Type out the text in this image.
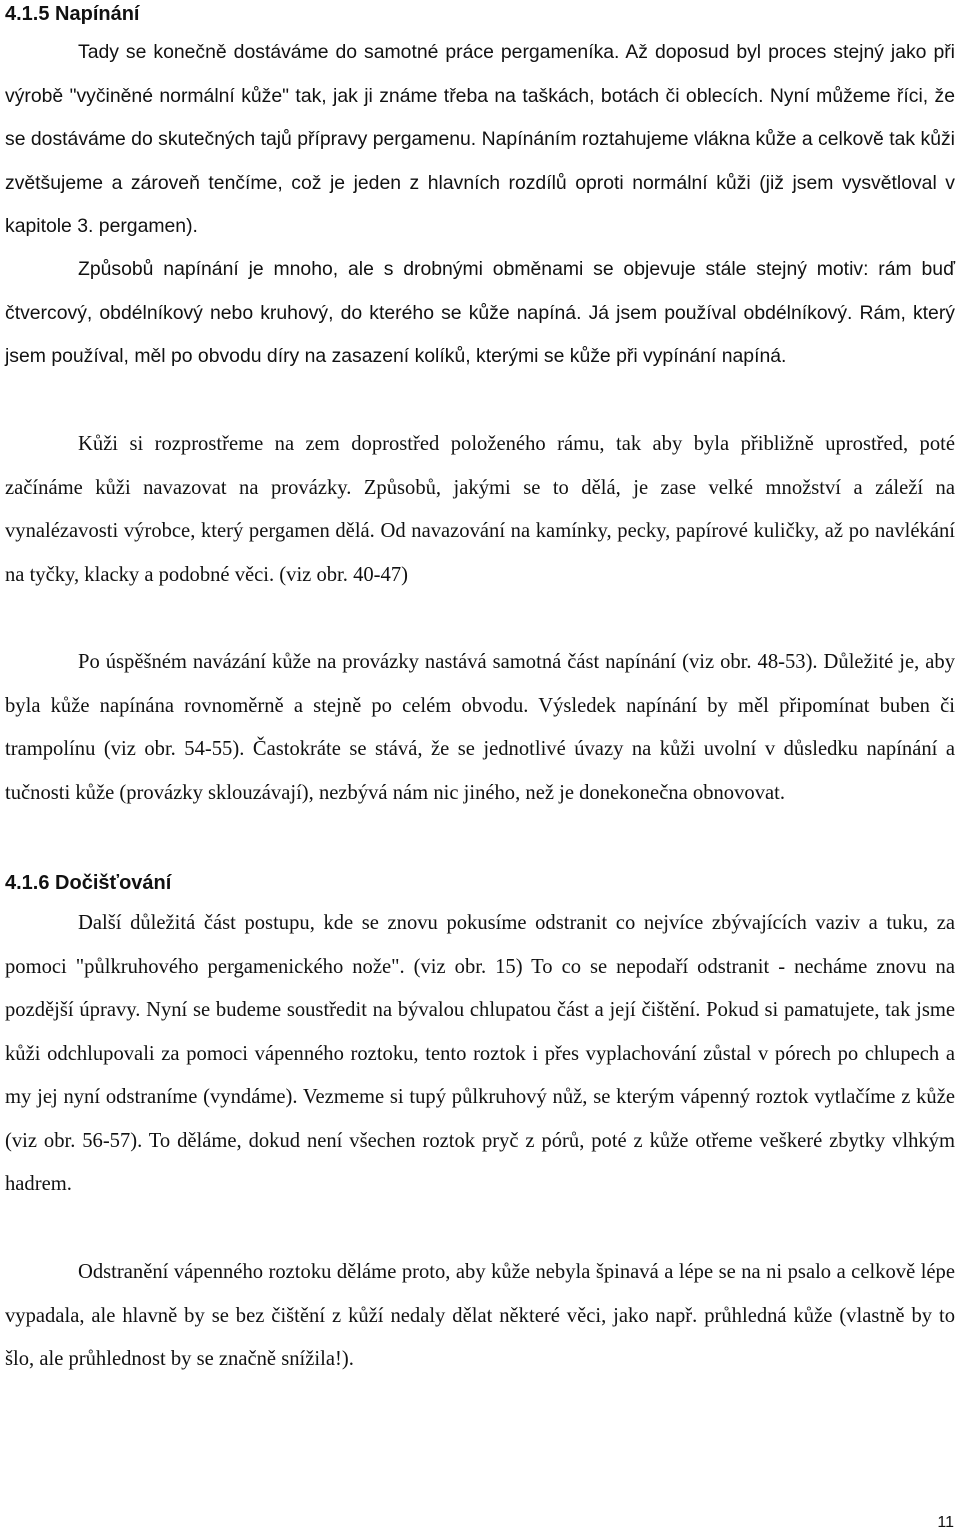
4.1.5 Napínání

Tady se konečně dostáváme do samotné práce pergameníka. Až doposud byl proces stejný jako při výrobě "vyčiněné normální kůže" tak, jak ji známe třeba na taškách, botách či oblecích. Nyní můžeme říci, že se dostáváme do skutečných tajů přípravy pergamenu. Napínáním roztahujeme vlákna kůže a celkově tak kůži zvětšujeme a zároveň tenčíme, což je jeden z hlavních rozdílů oproti normální kůži (již jsem vysvětloval v kapitole 3. pergamen).

Způsobů napínání je mnoho, ale s drobnými obměnami se objevuje stále stejný motiv: rám buď čtvercový, obdélníkový nebo kruhový, do kterého se kůže napíná. Já jsem používal obdélníkový. Rám, který jsem používal, měl po obvodu díry na zasazení kolíků, kterými se kůže při vypínání napíná.

Kůži si rozprostřeme na zem doprostřed položeného rámu, tak aby byla přibližně uprostřed, poté začínáme kůži navazovat na provázky. Způsobů, jakými se to dělá, je zase velké množství a záleží na vynalézavosti výrobce, který pergamen dělá. Od navazování na kamínky, pecky, papírové kuličky, až po navlékání na tyčky, klacky a podobné věci. (viz obr. 40-47)

Po úspěšném navázání kůže na provázky nastává samotná část napínání (viz obr. 48-53). Důležité je, aby byla kůže napínána rovnoměrně a stejně po celém obvodu. Výsledek napínání by měl připomínat buben či trampolínu (viz obr. 54-55). Častokráte se stává, že se jednotlivé úvazy na kůži uvolní v důsledku napínání a tučnosti kůže (provázky sklouzávají), nezbývá nám nic jiného, než je donekonečna obnovovat.

4.1.6 Dočišťování

Další důležitá část postupu, kde se znovu pokusíme odstranit co nejvíce zbývajících vaziv a tuku, za pomoci "půlkruhového pergamenického nože". (viz obr. 15) To co se nepodaří odstranit - necháme znovu na pozdější úpravy. Nyní se budeme soustředit na bývalou chlupatou část a její čištění. Pokud si pamatujete, tak jsme kůži odchlupovali za pomoci vápenného roztoku, tento roztok i přes vyplachování zůstal v pórech po chlupech a my jej nyní odstraníme (vyndáme). Vezmeme si tupý půlkruhový nůž, se kterým vápenný roztok vytlačíme z kůže (viz obr. 56-57). To děláme, dokud není všechen roztok pryč z pórů, poté z kůže otřeme veškeré zbytky vlhkým hadrem.

Odstranění vápenného roztoku děláme proto, aby kůže nebyla špinavá a lépe se na ni psalo a celkově lépe vypadala, ale hlavně by se bez čištění z kůží nedaly dělat některé věci, jako např. průhledná kůže (vlastně by to šlo, ale průhlednost by se značně snížila!).

11
